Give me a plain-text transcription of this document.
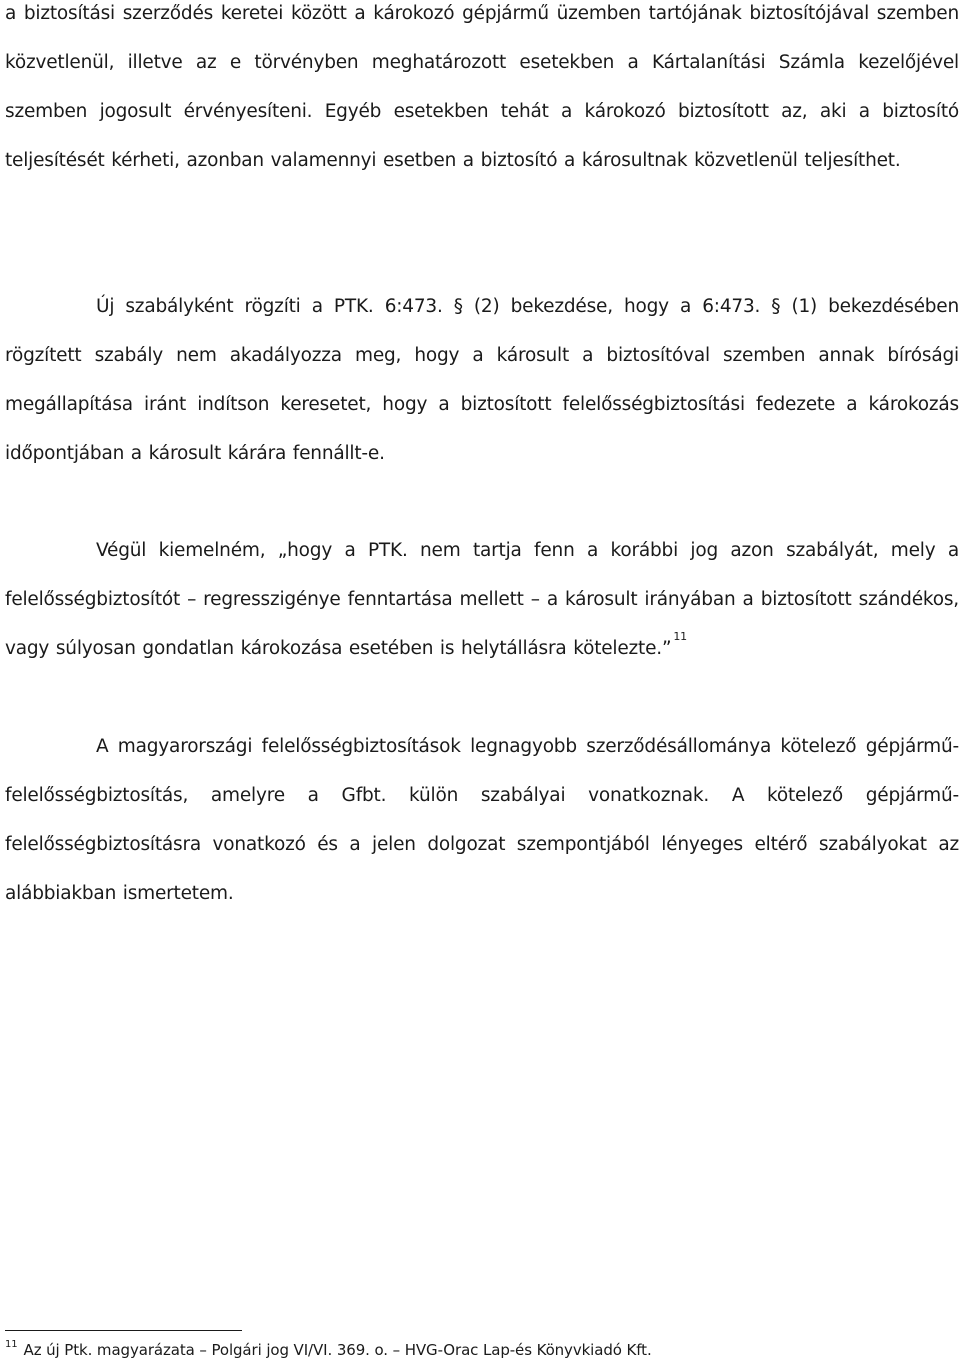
a biztosítási szerződés keretei között a károkozó gépjármű üzemben tartójának biztosítójával szemben közvetlenül, illetve az e törvényben meghatározott esetekben a Kártalanítási Számla kezelőjével szemben jogosult érvényesíteni. Egyéb esetekben tehát a károkozó biztosított az, aki a biztosító teljesítését kérheti, azonban valamennyi esetben a biztosító a károsultnak közvetlenül teljesíthet.

Új szabályként rögzíti a PTK. 6:473. § (2) bekezdése, hogy a 6:473. § (1) bekezdésében rögzített szabály nem akadályozza meg, hogy a károsult a biztosítóval szemben annak bírósági megállapítása iránt indítson keresetet, hogy a biztosított felelősségbiztosítási fedezete a károkozás időpontjában a károsult kárára fennállt-e.

Végül kiemelném, „hogy a PTK. nem tartja fenn a korábbi jog azon szabályát, mely a felelősségbiztosítót – regresszigénye fenntartása mellett – a károsult irányában a biztosított szándékos, vagy súlyosan gondatlan károkozása esetében is helytállásra kötelezte.”$^{11}$

A magyarországi felelősségbiztosítások legnagyobb szerződésállománya kötelező gépjármű-felelősségbiztosítás, amelyre a Gfbt. külön szabályai vonatkoznak. A kötelező gépjármű-felelősségbiztosításra vonatkozó és a jelen dolgozat szempontjából lényeges eltérő szabályokat az alábbiakban ismertetem.

$^{11}$ Az új Ptk. magyarázata – Polgári jog VI/VI. 369. o. – HVG-Orac Lap-és Könyvkiadó Kft.
